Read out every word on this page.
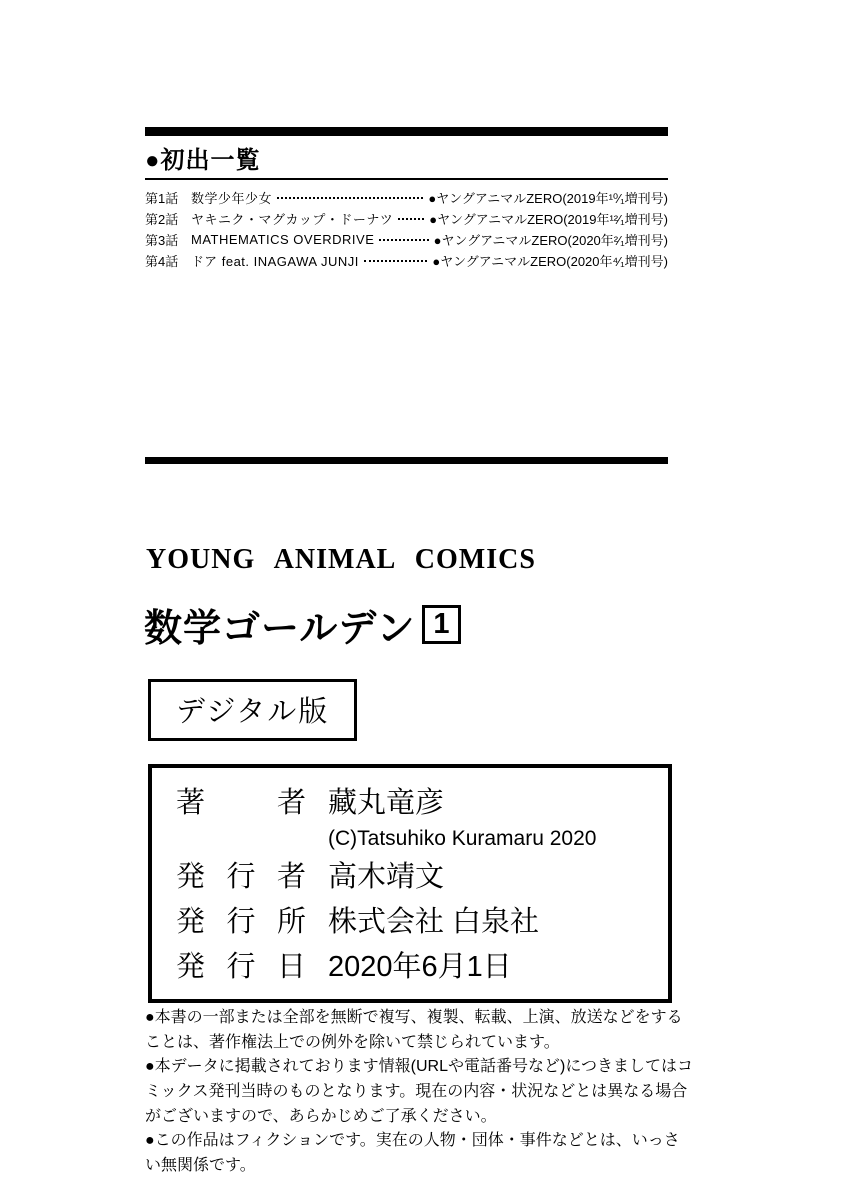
●初出一覧
第1話 数学少年少女	●ヤングアニマルZERO(2019年¹⁰⁄₁増刊号)
第2話 ヤキニク・マグカップ・ドーナツ	●ヤングアニマルZERO(2019年¹²⁄₁増刊号)
第3話 MATHEMATICS OVERDRIVE	●ヤングアニマルZERO(2020年²⁄₁増刊号)
第4話 ドア feat. INAGAWA JUNJI	●ヤングアニマルZERO(2020年⁴⁄₁増刊号)
YOUNG ANIMAL COMICS
数学ゴールデン 1
デジタル版
著者 藏丸竜彦
(C)Tatsuhiko Kuramaru 2020
発行者 高木靖文
発行所 株式会社 白泉社
発行日 2020年6月1日

●本書の一部または全部を無断で複写、複製、転載、上演、放送などをすることは、著作権法上での例外を除いて禁じられています。

●本データに掲載されております情報(URLや電話番号など)につきましてはコミックス発刊当時のものとなります。現在の内容・状況などとは異なる場合がございますので、あらかじめご了承ください。

●この作品はフィクションです。実在の人物・団体・事件などとは、いっさい無関係です。
